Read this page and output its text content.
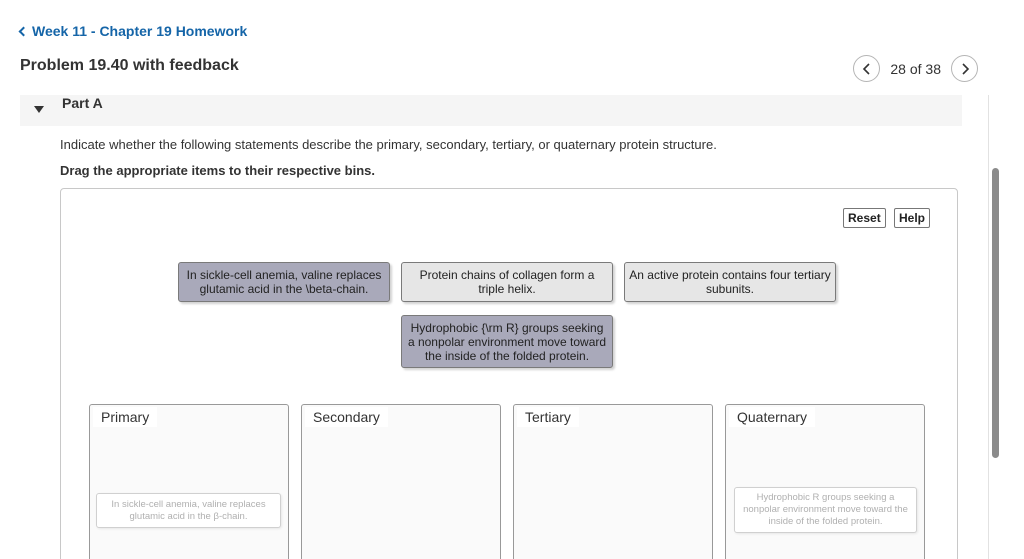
Week 11 - Chapter 19 Homework
Problem 19.40 with feedback	28 of 38
Part A
Indicate whether the following statements describe the primary, secondary, tertiary, or quaternary protein structure.
Drag the appropriate items to their respective bins.
Reset	Help
In sickle-cell anemia, valine replaces glutamic acid in the \beta-chain.
Protein chains of collagen form a triple helix.
An active protein contains four tertiary subunits.
Hydrophobic {\rm R} groups seeking a nonpolar environment move toward the inside of the folded protein.
Primary
In sickle-cell anemia, valine replaces glutamic acid in the β-chain.
Secondary	Tertiary	Quaternary
Hydrophobic R groups seeking a nonpolar environment move toward the inside of the folded protein.
